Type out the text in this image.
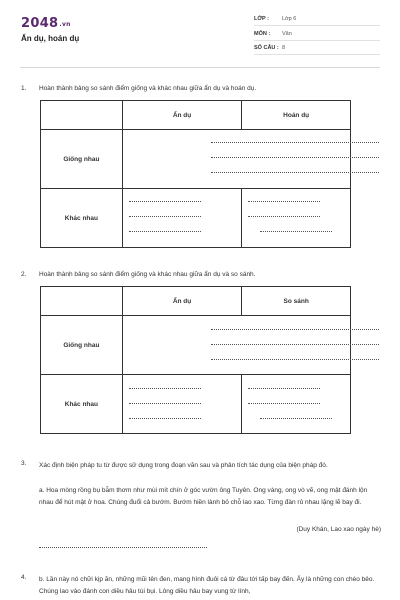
2048.vn
Ẩn dụ, hoán dụ
LỚP : Lớp 6
MÔN : Văn
SỐ CÂU : 8
1. Hoàn thành bảng so sánh điểm giống và khác nhau giữa ẩn dụ và hoán dụ.
	Ẩn dụ	Hoán dụ
Giống nhau		

Khác nhau	

2. Hoàn thành bảng so sánh điểm giống và khác nhau giữa ẩn dụ và so sánh.
	Ẩn dụ	So sánh
Giống nhau		

Khác nhau	

3. Xác định biện pháp tu từ được sử dụng trong đoạn văn sau và phân tích tác dụng của biện pháp đó.
a. Hoa mòng rồng bụ bẫm thơm như mùi mít chín ở góc vườn ông Tuyên. Ong vàng, ong vò vẽ, ong mật đánh lộn nhau để hút mật ở hoa. Chúng đuổi cả bướm. Bướm hiền lành bỏ chỗ lao xao. Từng đàn rủ nhau lặng lẽ bay đi.
(Duy Khán, Lao xao ngày hè)
4. b. Lần này nó chữi kịp ăn, những mũi tên đen, mang hình đuôi cá từ đâu tới tấp bay đến. Ấy là những con chèo bẻo. Chúng lao vào đánh con diều hâu túi bụi. Lông diều hâu bay vung từ lính,
